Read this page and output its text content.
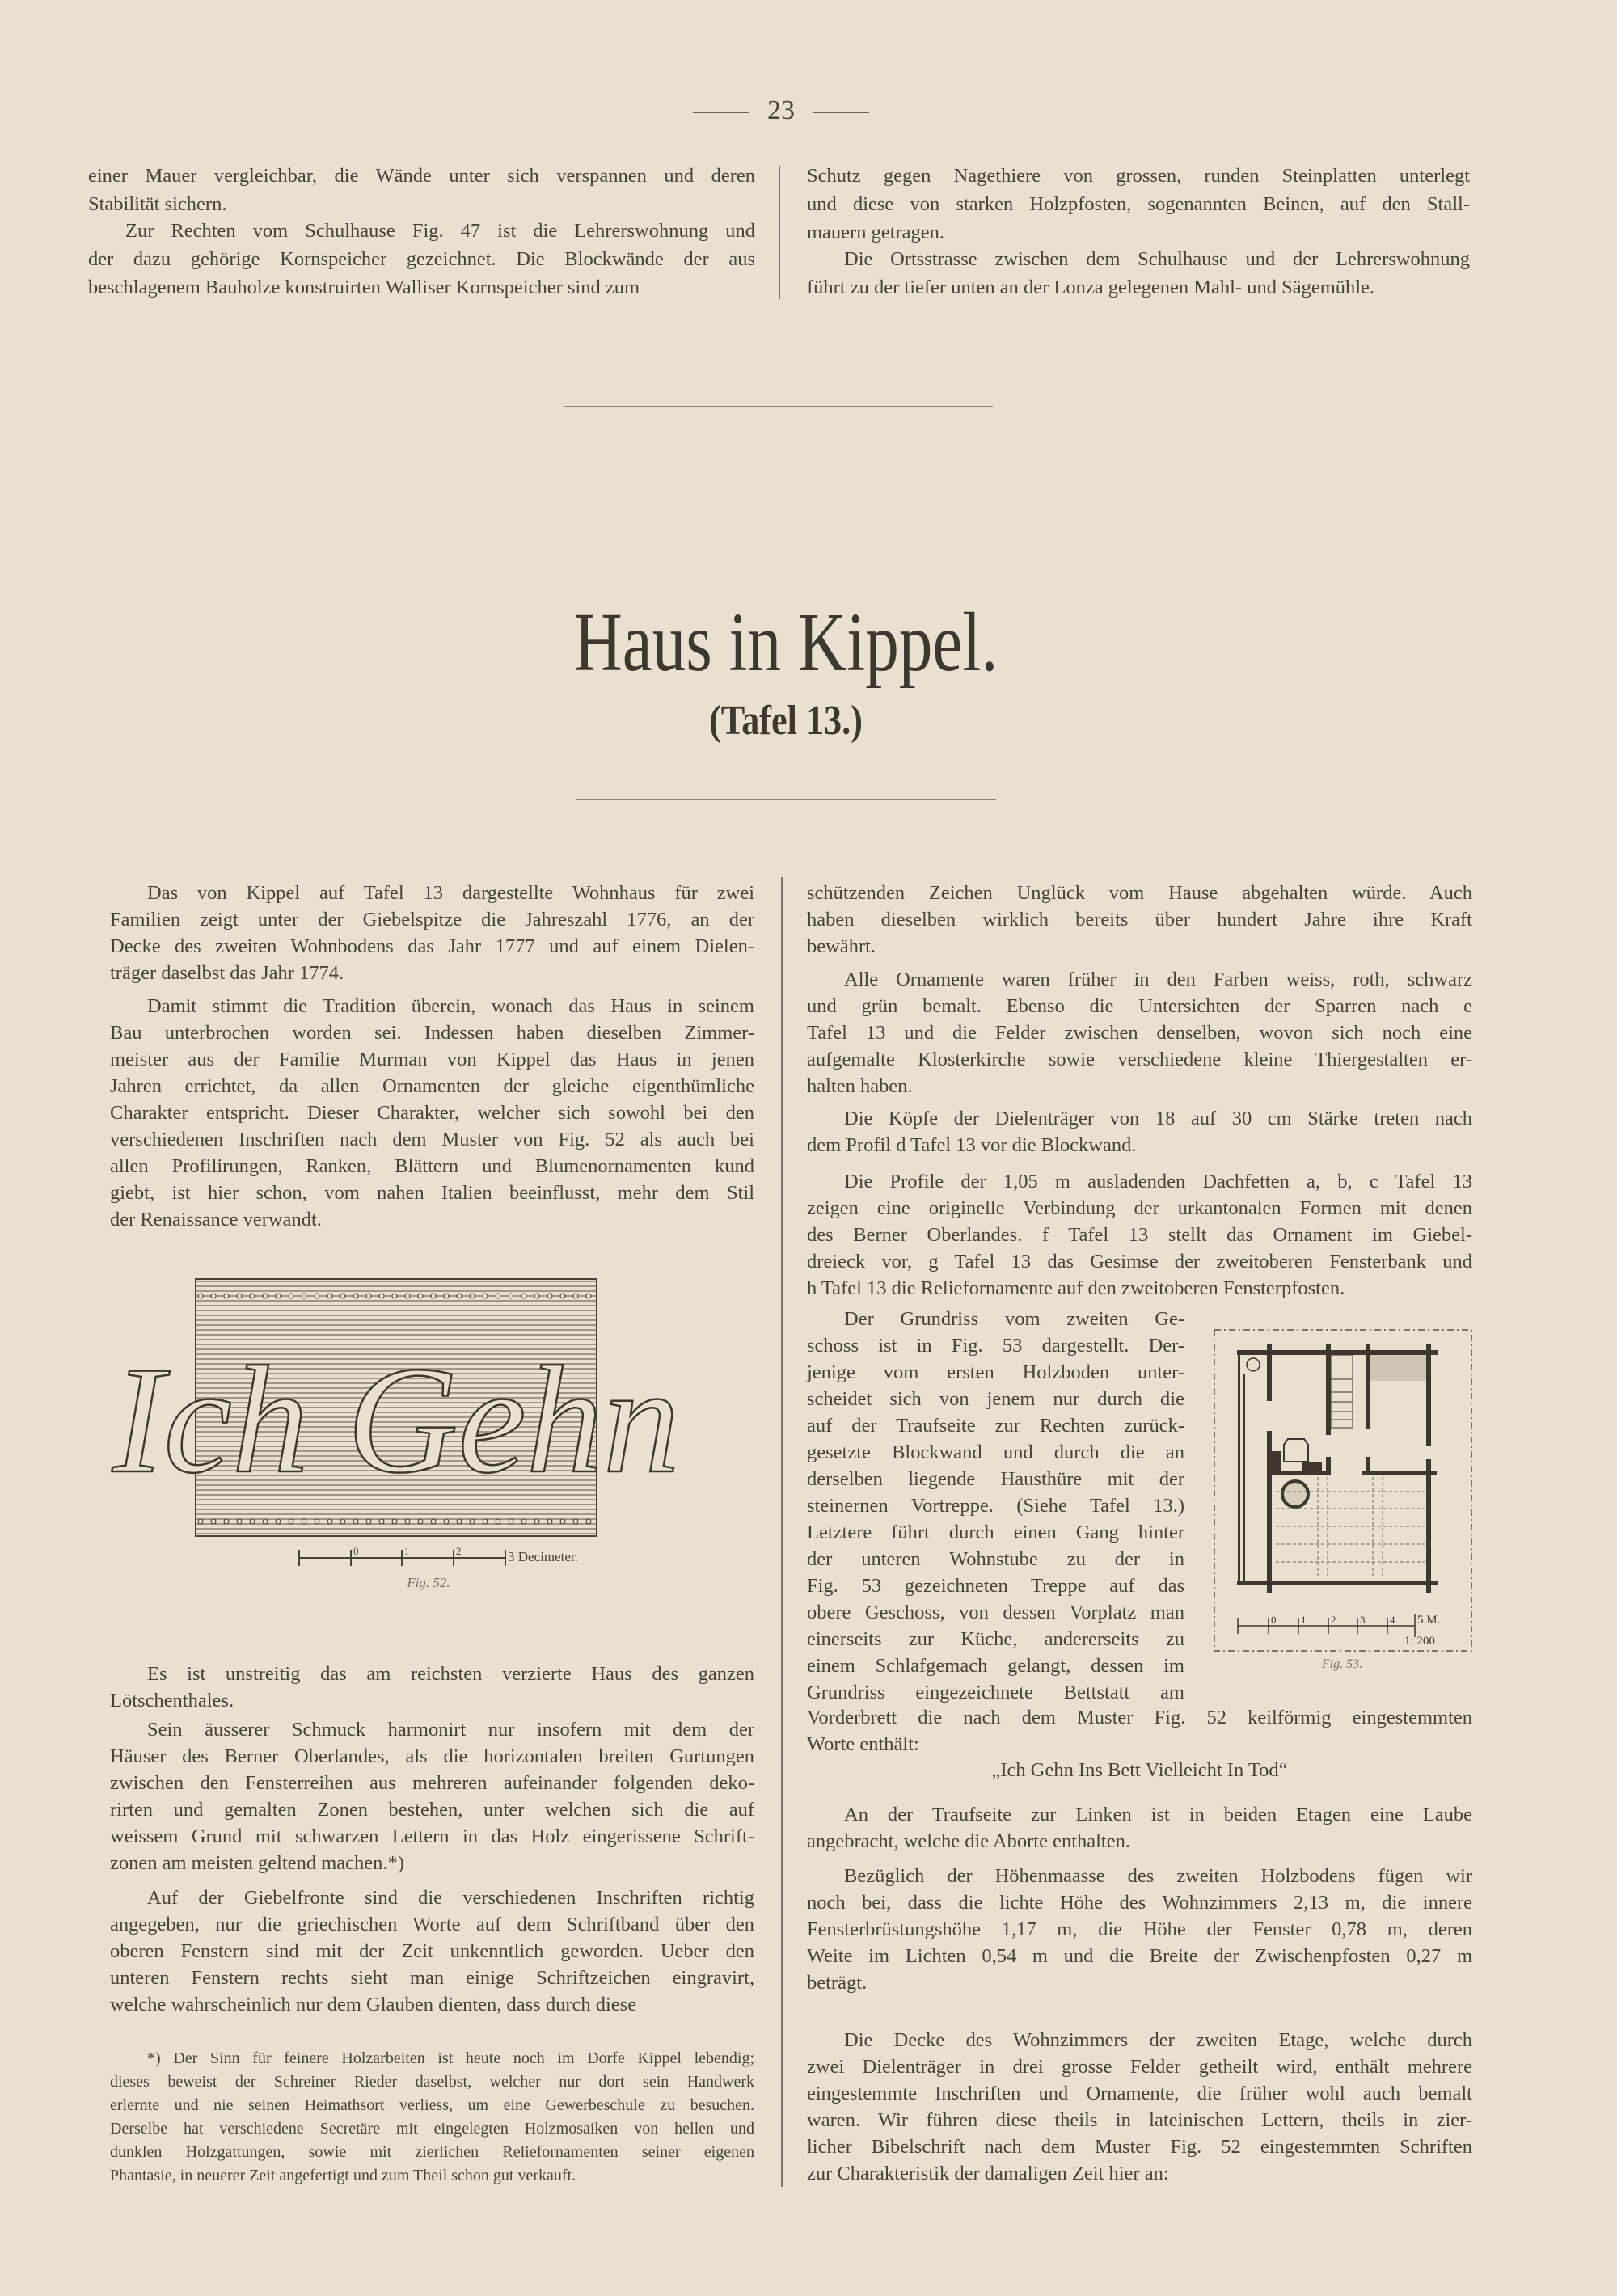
23
einer Mauer vergleichbar, die Wände unter sich verspannen und deren
Stabilität sichern.
Zur Rechten vom Schulhause Fig. 47 ist die Lehrerswohnung und
der dazu gehörige Kornspeicher gezeichnet. Die Blockwände der aus
beschlagenem Bauholze konstruirten Walliser Kornspeicher sind zum
Schutz gegen Nagethiere von grossen, runden Steinplatten unterlegt
und diese von starken Holzpfosten, sogenannten Beinen, auf den Stall-
mauern getragen.
Die Ortsstrasse zwischen dem Schulhause und der Lehrerswohnung
führt zu der tiefer unten an der Lonza gelegenen Mahl- und Sägemühle.
Haus in Kippel.
(Tafel 13.)
Das von Kippel auf Tafel 13 dargestellte Wohnhaus für zwei
Familien zeigt unter der Giebelspitze die Jahreszahl 1776, an der
Decke des zweiten Wohnbodens das Jahr 1777 und auf einem Dielen-
träger daselbst das Jahr 1774.
Damit stimmt die Tradition überein, wonach das Haus in seinem
Bau unterbrochen worden sei. Indessen haben dieselben Zimmer-
meister aus der Familie Murman von Kippel das Haus in jenen
Jahren errichtet, da allen Ornamenten der gleiche eigenthümliche
Charakter entspricht. Dieser Charakter, welcher sich sowohl bei den
verschiedenen Inschriften nach dem Muster von Fig. 52 als auch bei
allen Profilirungen, Ranken, Blättern und Blumenornamenten kund
giebt, ist hier schon, vom nahen Italien beeinflusst, mehr dem Stil
der Renaissance verwandt.
Ich Gehn
0	1	2	3 Decimeter.
Fig. 52.
Es ist unstreitig das am reichsten verzierte Haus des ganzen
Lötschenthales.
Sein äusserer Schmuck harmonirt nur insofern mit dem der
Häuser des Berner Oberlandes, als die horizontalen breiten Gurtungen
zwischen den Fensterreihen aus mehreren aufeinander folgenden deko-
rirten und gemalten Zonen bestehen, unter welchen sich die auf
weissem Grund mit schwarzen Lettern in das Holz eingerissene Schrift-
zonen am meisten geltend machen.*)
Auf der Giebelfronte sind die verschiedenen Inschriften richtig
angegeben, nur die griechischen Worte auf dem Schriftband über den
oberen Fenstern sind mit der Zeit unkenntlich geworden. Ueber den
unteren Fenstern rechts sieht man einige Schriftzeichen eingravirt,
welche wahrscheinlich nur dem Glauben dienten, dass durch diese
*) Der Sinn für feinere Holzarbeiten ist heute noch im Dorfe Kippel lebendig;
dieses beweist der Schreiner Rieder daselbst, welcher nur dort sein Handwerk
erlernte und nie seinen Heimathsort verliess, um eine Gewerbeschule zu besuchen.
Derselbe hat verschiedene Secretäre mit eingelegten Holzmosaiken von hellen und
dunklen Holzgattungen, sowie mit zierlichen Reliefornamenten seiner eigenen
Phantasie, in neuerer Zeit angefertigt und zum Theil schon gut verkauft.
schützenden Zeichen Unglück vom Hause abgehalten würde. Auch
haben dieselben wirklich bereits über hundert Jahre ihre Kraft
bewährt.
Alle Ornamente waren früher in den Farben weiss, roth, schwarz
und grün bemalt. Ebenso die Untersichten der Sparren nach e
Tafel 13 und die Felder zwischen denselben, wovon sich noch eine
aufgemalte Klosterkirche sowie verschiedene kleine Thiergestalten er-
halten haben.
Die Köpfe der Dielenträger von 18 auf 30 cm Stärke treten nach
dem Profil d Tafel 13 vor die Blockwand.
Die Profile der 1,05 m ausladenden Dachfetten a, b, c Tafel 13
zeigen eine originelle Verbindung der urkantonalen Formen mit denen
des Berner Oberlandes. f Tafel 13 stellt das Ornament im Giebel-
dreieck vor, g Tafel 13 das Gesimse der zweitoberen Fensterbank und
h Tafel 13 die Reliefornamente auf den zweitoberen Fensterpfosten.
Der Grundriss vom zweiten Ge-
schoss ist in Fig. 53 dargestellt. Der-
jenige vom ersten Holzboden unter-
scheidet sich von jenem nur durch die
auf der Traufseite zur Rechten zurück-
gesetzte Blockwand und durch die an
derselben liegende Hausthüre mit der
steinernen Vortreppe. (Siehe Tafel 13.)
Letztere führt durch einen Gang hinter
der unteren Wohnstube zu der in
Fig. 53 gezeichneten Treppe auf das
obere Geschoss, von dessen Vorplatz man
einerseits zur Küche, andererseits zu
einem Schlafgemach gelangt, dessen im
Grundriss eingezeichnete Bettstatt am
Vorderbrett die nach dem Muster Fig. 52 keilförmig eingestemmten
Worte enthält:
„Ich Gehn Ins Bett Vielleicht In Tod“
An der Traufseite zur Linken ist in beiden Etagen eine Laube
angebracht, welche die Aborte enthalten.
Bezüglich der Höhenmaasse des zweiten Holzbodens fügen wir
noch bei, dass die lichte Höhe des Wohnzimmers 2,13 m, die innere
Fensterbrüstungshöhe 1,17 m, die Höhe der Fenster 0,78 m, deren
Weite im Lichten 0,54 m und die Breite der Zwischenpfosten 0,27 m
beträgt.
Die Decke des Wohnzimmers der zweiten Etage, welche durch
zwei Dielenträger in drei grosse Felder getheilt wird, enthält mehrere
eingestemmte Inschriften und Ornamente, die früher wohl auch bemalt
waren. Wir führen diese theils in lateinischen Lettern, theils in zier-
licher Bibelschrift nach dem Muster Fig. 52 eingestemmten Schriften
zur Charakteristik der damaligen Zeit hier an:
0 1 2 3 4 5 M.
1: 200
Fig. 53.
